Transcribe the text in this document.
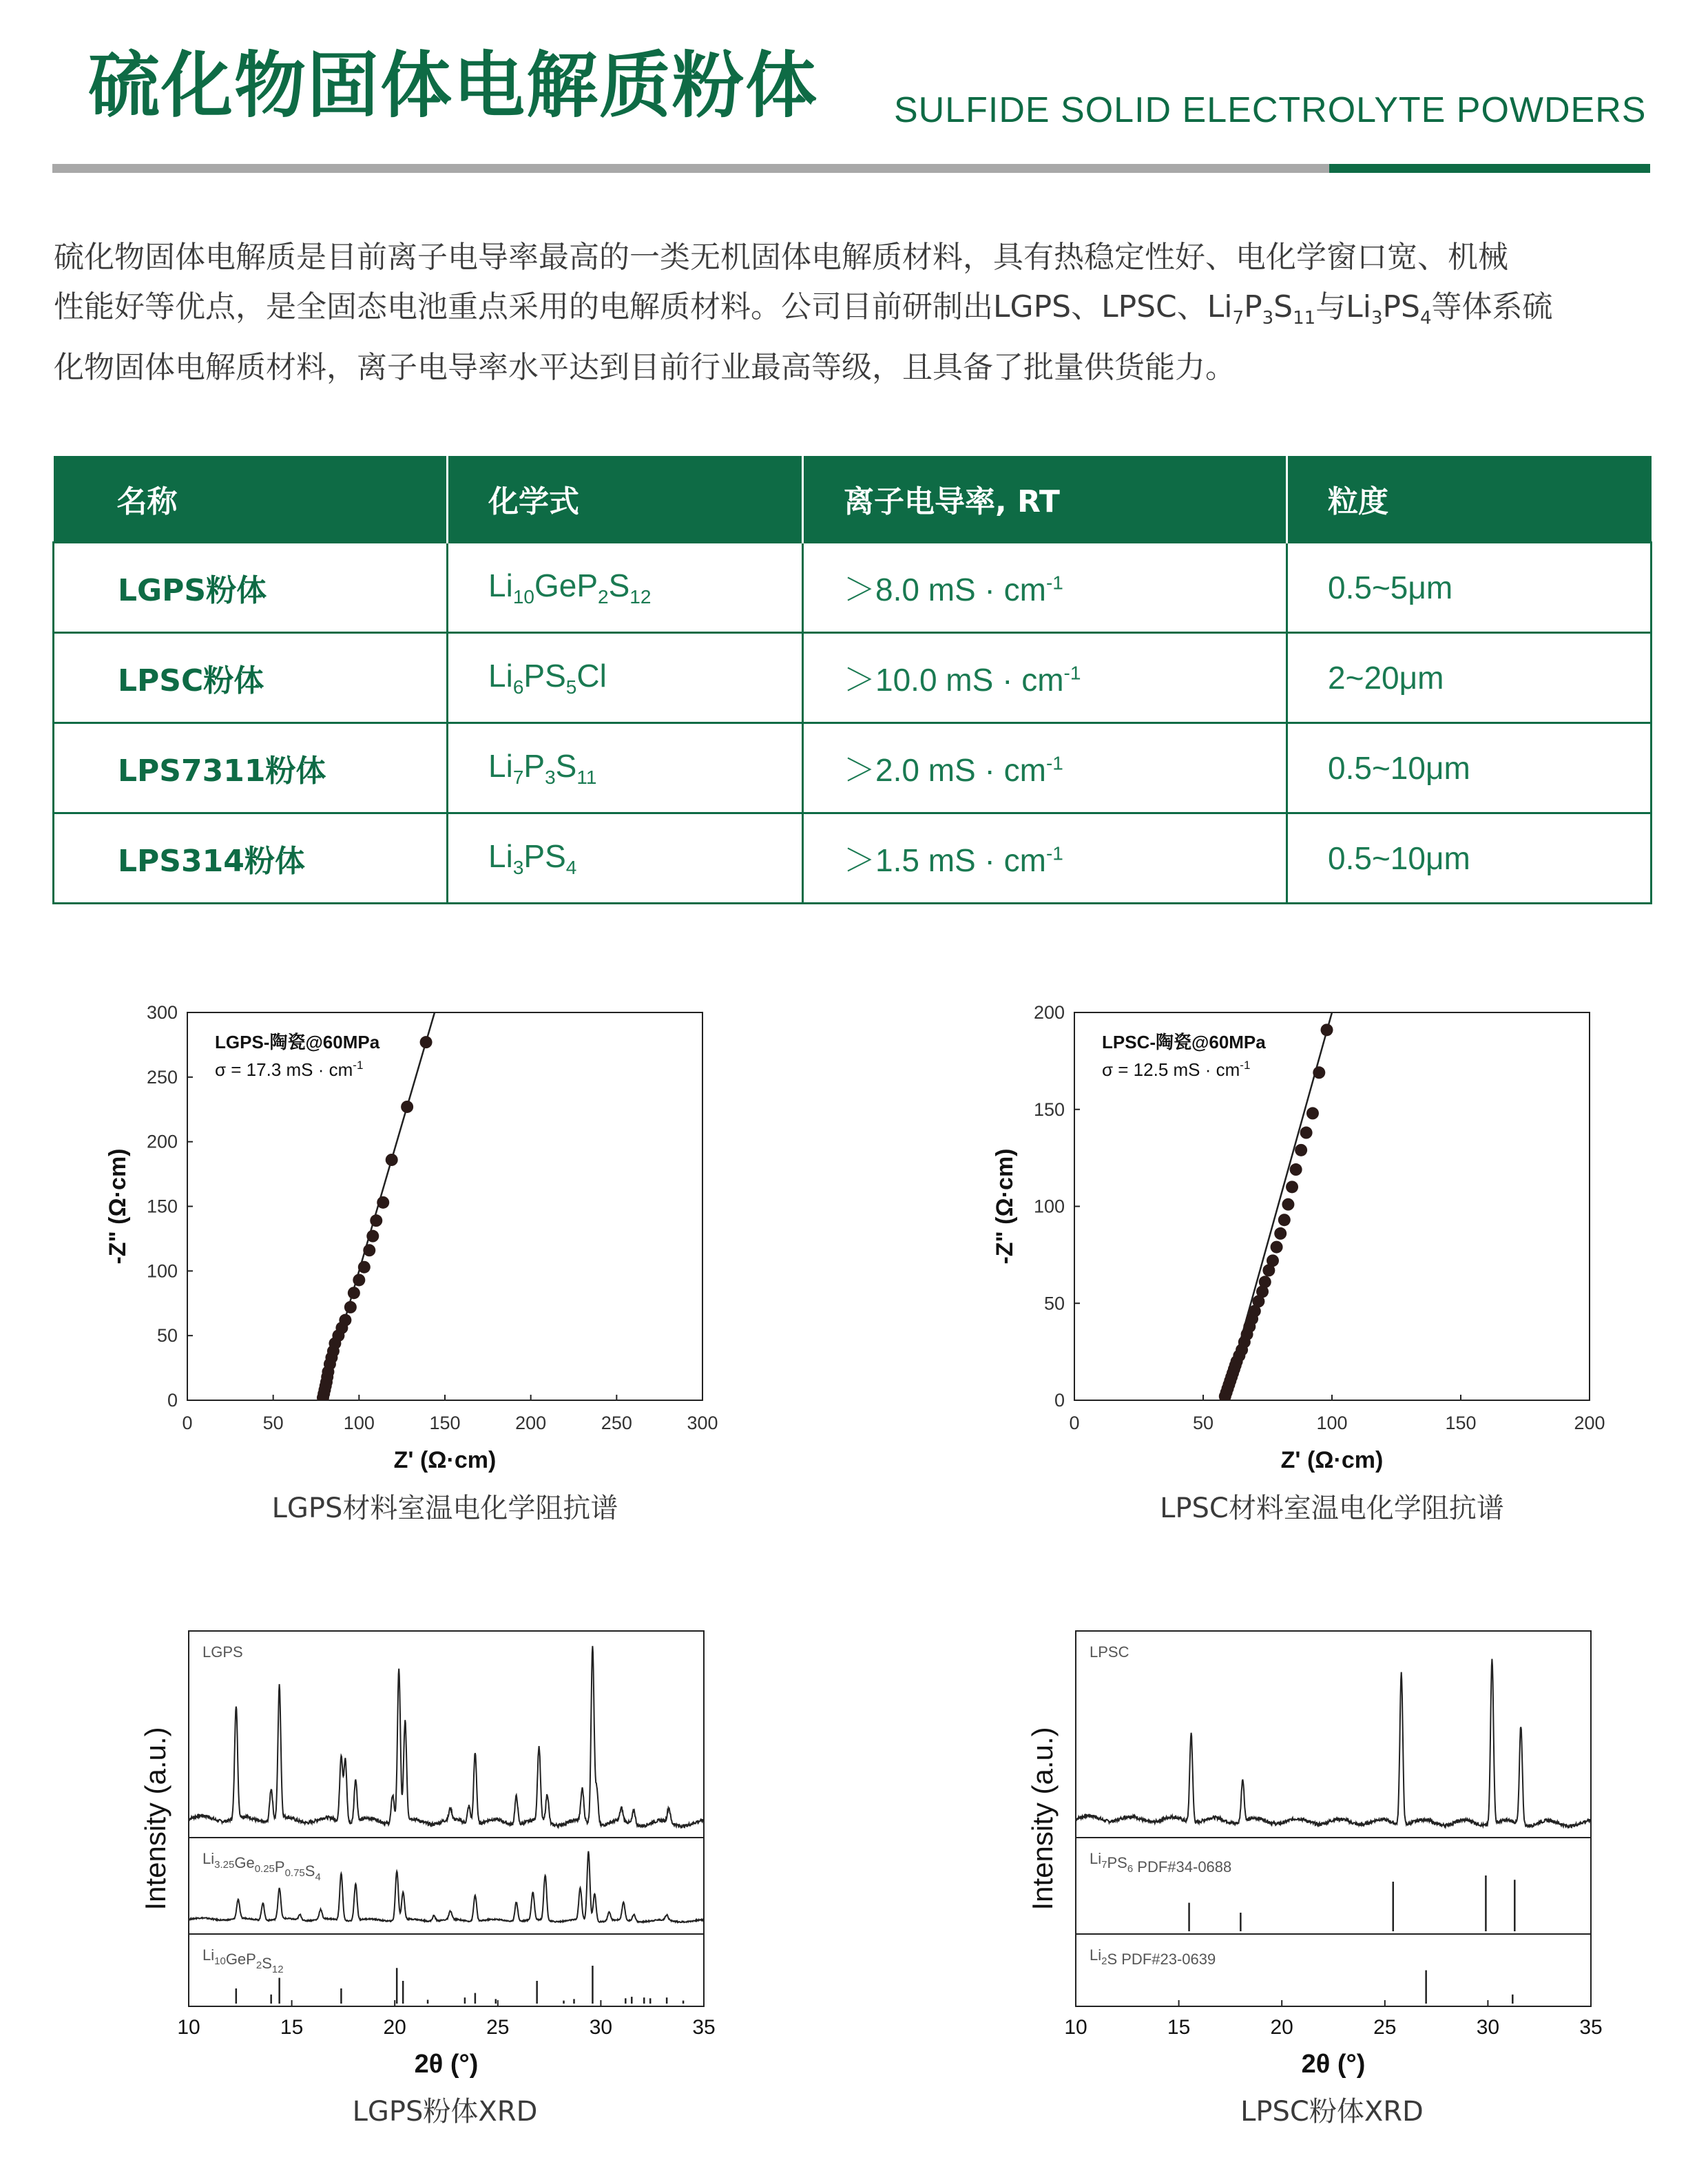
硫化物固体电解质粉体 SULFIDE SOLID ELECTROLYTE POWDERS
硫化物固体电解质是目前离子电导率最高的一类无机固体电解质材料，具有热稳定性好、电化学窗口宽、机械
性能好等优点，是全固态电池重点采用的电解质材料。公司目前研制出LGPS、LPSC、$Li_7P_3S_{11}$与$Li_3PS_4$等体系硫
化物固体电解质材料，离子电导率水平达到目前行业最高等级，且具备了批量供货能力。
名称	化学式	离子电导率, RT	粒度
LGPS粉体	$Li_{10}GeP_2S_{12}$	＞8.0 mS · $cm^{-1}$	0.5~5μm
LPSC粉体	$Li_6PS_5Cl$	＞10.0 mS · $cm^{-1}$	2~20μm
LPS7311粉体	$Li_7P_3S_{11}$	＞2.0 mS · $cm^{-1}$	0.5~10μm
LPS314粉体	$Li_3PS_4$	＞1.5 mS · $cm^{-1}$	0.5~10μm
0	50	100	150	200	250	300
0
50
100
150
200
250
300
Z' (Ω·cm)
-Z" (Ω·cm)
LGPS-陶瓷@60MPa
σ = 17.3 mS · $cm^{-1}$
LGPS材料室温电化学阻抗谱
0	50	100	150	200
0
50
100
150
200
Z' (Ω·cm)
-Z" (Ω·cm)
LPSC-陶瓷@60MPa
σ = 12.5 mS · $cm^{-1}$
LPSC材料室温电化学阻抗谱
10	15	20	25	30	35
2θ (°)
Intensity (a.u.)
LGPS
$Li_{3.25}Ge_{0.25}P_{0.75}S_4$
$Li_{10}GeP_2S_{12}$
LGPS粉体XRD
10	15	20	25	30	35
2θ (°)
Intensity (a.u.)
LPSC
$Li_7PS_6$ PDF#34-0688
$Li_2S$ PDF#23-0639
LPSC粉体XRD
